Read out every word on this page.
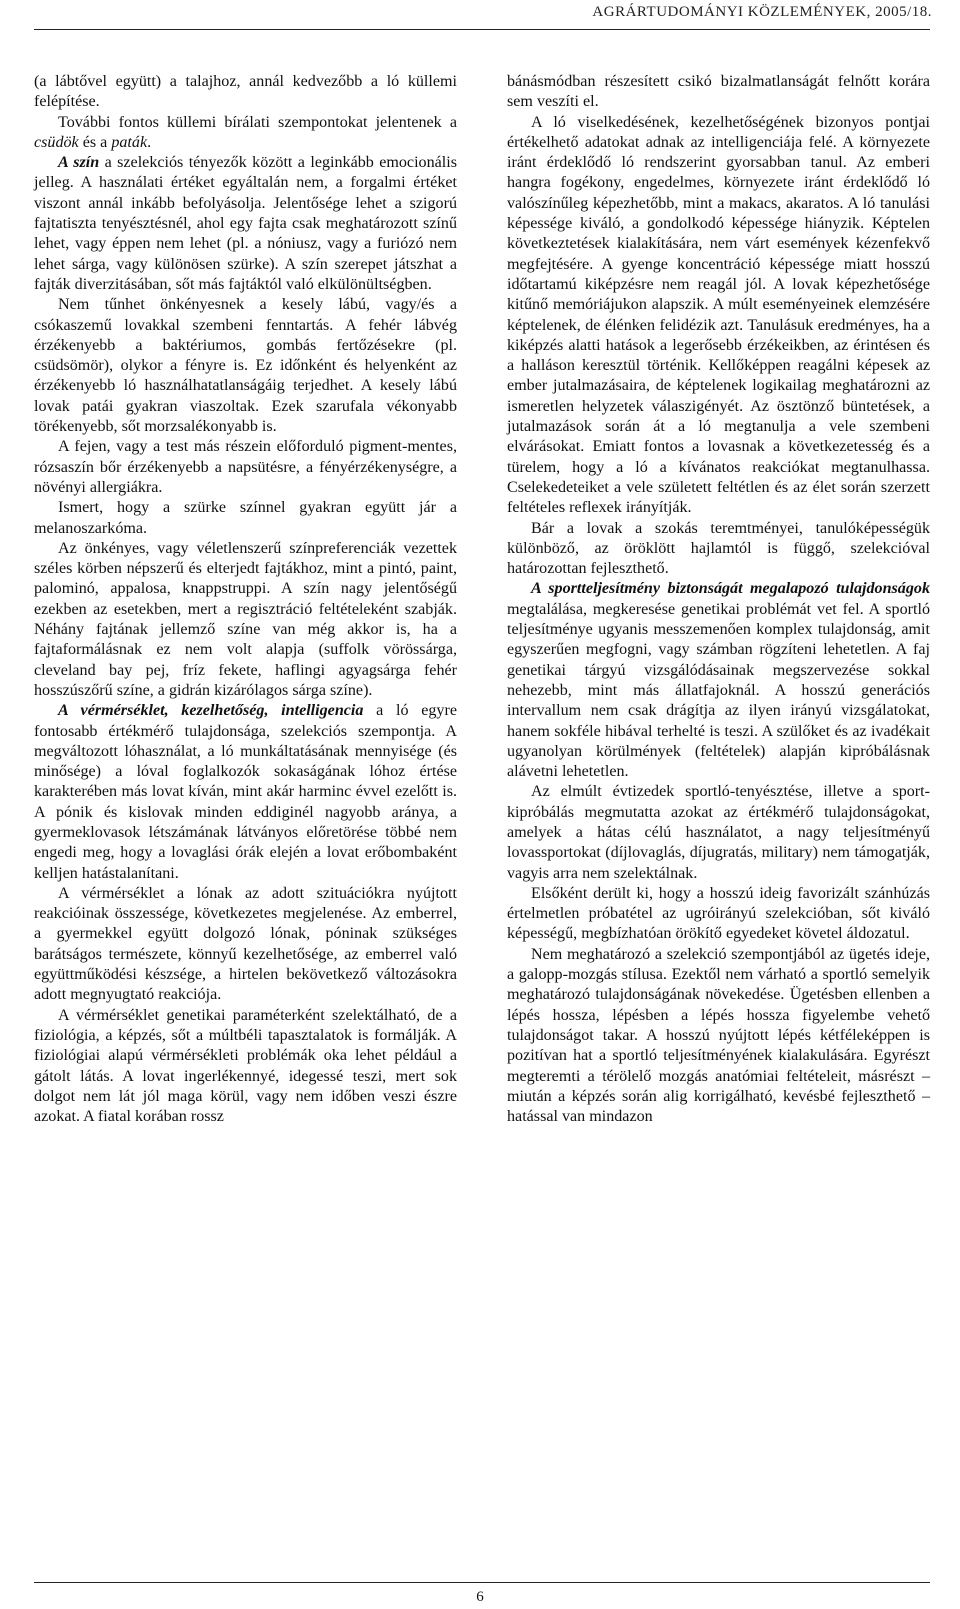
AGRÁRTUDOMÁNYI KÖZLEMÉNYEK, 2005/18.

(a lábtővel együtt) a talajhoz, annál kedvezőbb a ló küllemi felépítése.

További fontos küllemi bírálati szempontokat jelentenek a csüdök és a paták.

A szín a szelekciós tényezők között a leginkább emocionális jelleg. A használati értéket egyáltalán nem, a forgalmi értéket viszont annál inkább befolyásolja. Jelentősége lehet a szigorú fajtatiszta tenyésztésnél, ahol egy fajta csak meghatározott színű lehet, vagy éppen nem lehet (pl. a nóniusz, vagy a furiózó nem lehet sárga, vagy különösen szürke). A szín szerepet játszhat a fajták diverzitásában, sőt más fajtáktól való elkülönültségben.

Nem tűnhet önkényesnek a kesely lábú, vagy/és a csókaszemű lovakkal szembeni fenntartás. A fehér lábvég érzékenyebb a baktériumos, gombás fertőzésekre (pl. csüdsömör), olykor a fényre is. Ez időnként és helyenként az érzékenyebb ló használhatatlanságáig terjedhet. A kesely lábú lovak patái gyakran viaszoltak. Ezek szarufala vékonyabb törékenyebb, sőt morzsalékonyabb is.

A fejen, vagy a test más részein előforduló pigment-mentes, rózsaszín bőr érzékenyebb a napsütésre, a fényérzékenységre, a növényi allergiákra.

Ismert, hogy a szürke színnel gyakran együtt jár a melanoszarkóma.

Az önkényes, vagy véletlenszerű színpreferenciák vezettek széles körben népszerű és elterjedt fajtákhoz, mint a pintó, paint, palominó, appalosa, knappstruppi. A szín nagy jelentőségű ezekben az esetekben, mert a regisztráció feltételeként szabják. Néhány fajtának jellemző színe van még akkor is, ha a fajtaformálásnak ez nem volt alapja (suffolk vörössárga, cleveland bay pej, fríz fekete, haflingi agyagsárga fehér hosszúszőrű színe, a gidrán kizárólagos sárga színe).

A vérmérséklet, kezelhetőség, intelligencia a ló egyre fontosabb értékmérő tulajdonsága, szelekciós szempontja. A megváltozott lóhasználat, a ló munkáltatásának mennyisége (és minősége) a lóval foglalkozók sokaságának lóhoz értése karakterében más lovat kíván, mint akár harminc évvel ezelőtt is. A pónik és kislovak minden eddiginél nagyobb aránya, a gyermeklovasok létszámának látványos előretörése többé nem engedi meg, hogy a lovaglási órák elején a lovat erőbombaként kelljen hatástalanítani.

A vérmérséklet a lónak az adott szituációkra nyújtott reakcióinak összessége, következetes megjelenése. Az emberrel, a gyermekkel együtt dolgozó lónak, póninak szükséges barátságos természete, könnyű kezelhetősége, az emberrel való együttműködési készsége, a hirtelen bekövetkező változásokra adott megnyugtató reakciója.

A vérmérséklet genetikai paraméterként szelektálható, de a fiziológia, a képzés, sőt a múltbéli tapasztalatok is formálják. A fiziológiai alapú vérmérsékleti problémák oka lehet például a gátolt látás. A lovat ingerlékennyé, idegessé teszi, mert sok dolgot nem lát jól maga körül, vagy nem időben veszi észre azokat. A fiatal korában rossz

bánásmódban részesített csikó bizalmatlanságát felnőtt korára sem veszíti el.

A ló viselkedésének, kezelhetőségének bizonyos pontjai értékelhető adatokat adnak az intelligenciája felé. A környezete iránt érdeklődő ló rendszerint gyorsabban tanul. Az emberi hangra fogékony, engedelmes, környezete iránt érdeklődő ló valószínűleg képezhetőbb, mint a makacs, akaratos. A ló tanulási képessége kiváló, a gondolkodó képessége hiányzik. Képtelen következtetések kialakítására, nem várt események kézenfekvő megfejtésére. A gyenge koncentráció képessége miatt hosszú időtartamú kiképzésre nem reagál jól. A lovak képezhetősége kitűnő memóriájukon alapszik. A múlt eseményeinek elemzésére képtelenek, de élénken felidézik azt. Tanulásuk eredményes, ha a kiképzés alatti hatások a legerősebb érzékeikben, az érintésen és a halláson keresztül történik. Kellőképpen reagálni képesek az ember jutalmazásaira, de képtelenek logikailag meghatározni az ismeretlen helyzetek válaszigényét. Az ösztönző büntetések, a jutalmazások során át a ló megtanulja a vele szembeni elvárásokat. Emiatt fontos a lovasnak a következetesség és a türelem, hogy a ló a kívánatos reakciókat megtanulhassa. Cselekedeteiket a vele született feltétlen és az élet során szerzett feltételes reflexek irányítják.

Bár a lovak a szokás teremtményei, tanulóképességük különböző, az öröklött hajlamtól is függő, szelekcióval határozottan fejleszthető.

A sportteljesítmény biztonságát megalapozó tulajdonságok megtalálása, megkeresése genetikai problémát vet fel. A sportló teljesítménye ugyanis messzemenően komplex tulajdonság, amit egyszerűen megfogni, vagy számban rögzíteni lehetetlen. A faj genetikai tárgyú vizsgálódásainak megszervezése sokkal nehezebb, mint más állatfajoknál. A hosszú generációs intervallum nem csak drágítja az ilyen irányú vizsgálatokat, hanem sokféle hibával terhelté is teszi. A szülőket és az ivadékait ugyanolyan körülmények (feltételek) alapján kipróbálásnak alávetni lehetetlen.

Az elmúlt évtizedek sportló-tenyésztése, illetve a sport-kipróbálás megmutatta azokat az értékmérő tulajdonságokat, amelyek a hátas célú használatot, a nagy teljesítményű lovassportokat (díjlovaglás, díjugratás, military) nem támogatják, vagyis arra nem szelektálnak.

Elsőként derült ki, hogy a hosszú ideig favorizált szánhúzás értelmetlen próbatétel az ugróirányú szelekcióban, sőt kiváló képességű, megbízhatóan örökítő egyedeket követel áldozatul.

Nem meghatározó a szelekció szempontjából az ügetés ideje, a galopp-mozgás stílusa. Ezektől nem várható a sportló semelyik meghatározó tulajdonságának növekedése. Ügetésben ellenben a lépés hossza, lépésben a lépés hossza figyelembe vehető tulajdonságot takar. A hosszú nyújtott lépés kétféleképpen is pozitívan hat a sportló teljesítményének kialakulására. Egyrészt megteremti a térölelő mozgás anatómiai feltételeit, másrészt – miután a képzés során alig korrigálható, kevésbé fejleszthető – hatással van mindazon

6
